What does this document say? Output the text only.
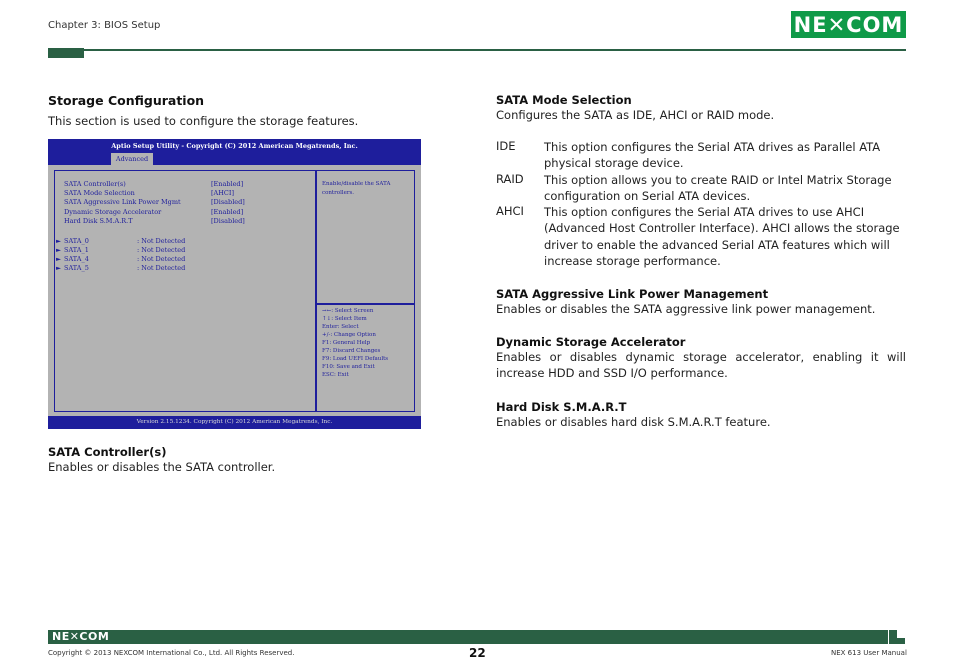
Chapter 3: BIOS Setup	NE✕COM
Storage Configuration
This section is used to configure the storage features.
Aptio Setup Utility - Copyright (C) 2012 American Megatrends, Inc.
Advanced
SATA Controller(s)	[Enabled]
SATA Mode Selection	[AHCI]
SATA Aggressive Link Power Mgmt	[Disabled]
Dynamic Storage Accelerator	[Enabled]
Hard Disk S.M.A.R.T	[Disabled]
► SATA_0	: Not Detected
► SATA_1	: Not Detected
► SATA_4	: Not Detected
► SATA_5	: Not Detected
Enable/disable the SATA controllers.
→←: Select Screen
↑↓: Select Item
Enter: Select
+/-: Change Option
F1: General Help
F7: Discard Changes
F9: Load UEFI Defaults
F10: Save and Exit
ESC: Exit
Version 2.15.1234. Copyright (C) 2012 American Megatrends, Inc.
SATA Controller(s)
Enables or disables the SATA controller.
SATA Mode Selection
Configures the SATA as IDE, AHCI or RAID mode.
IDE This option configures the Serial ATA drives as Parallel ATA physical storage device.
RAID This option allows you to create RAID or Intel Matrix Storage configuration on Serial ATA devices.
AHCI This option configures the Serial ATA drives to use AHCI (Advanced Host Controller Interface). AHCI allows the storage driver to enable the advanced Serial ATA features which will increase storage performance.
SATA Aggressive Link Power Management
Enables or disables the SATA aggressive link power management.
Dynamic Storage Accelerator
Enables or disables dynamic storage accelerator, enabling it will increase HDD and SSD I/O performance.
Hard Disk S.M.A.R.T
Enables or disables hard disk S.M.A.R.T feature.
NE✕COM
Copyright © 2013 NEXCOM International Co., Ltd. All Rights Reserved.	22	NEX 613 User Manual
